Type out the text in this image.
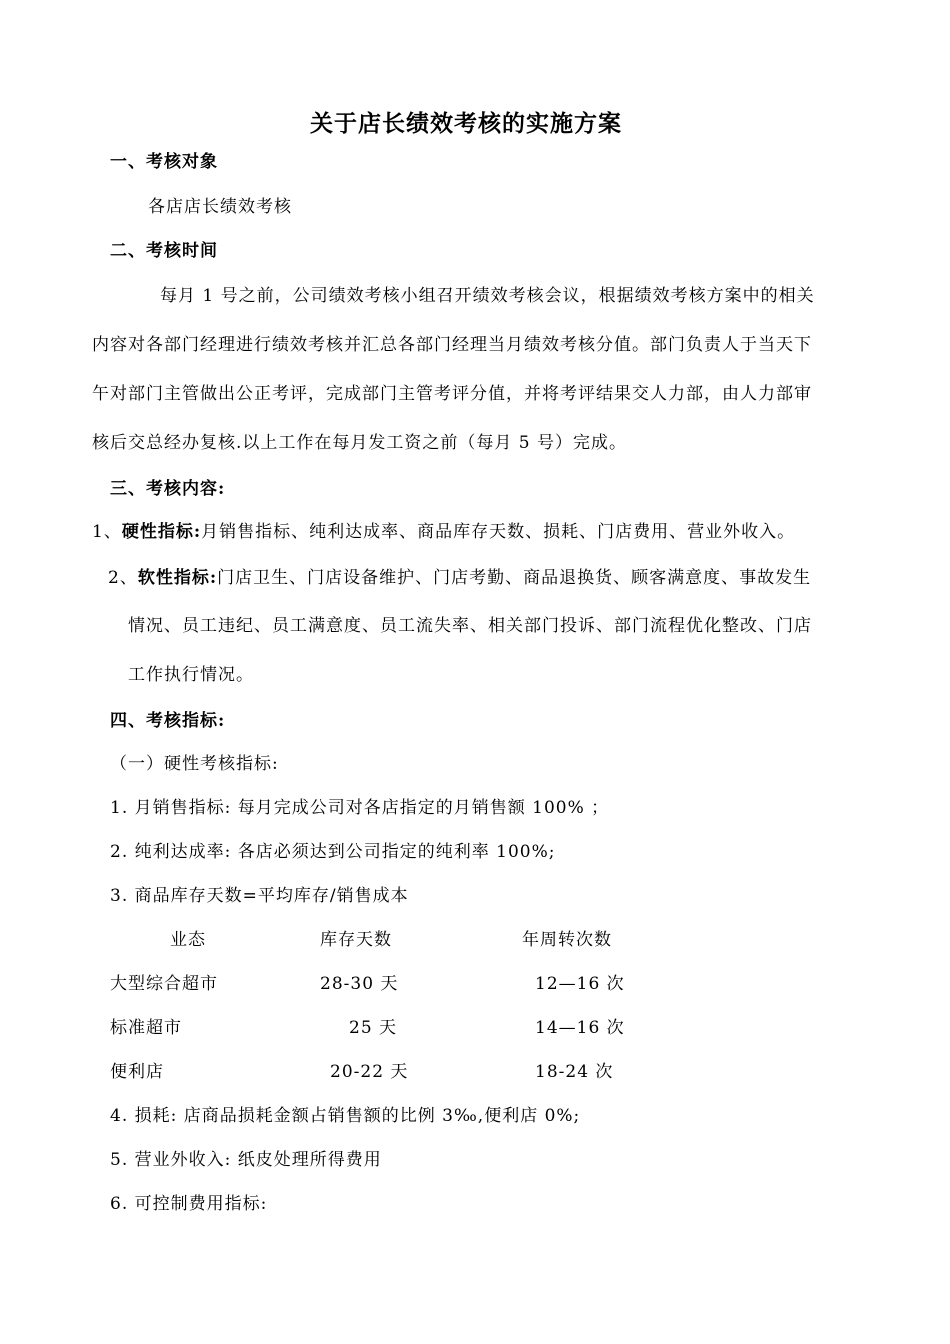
关于店长绩效考核的实施方案
一、考核对象
各店店长绩效考核
二、考核时间
每月 1 号之前，公司绩效考核小组召开绩效考核会议，根据绩效考核方案中的相关
内容对各部门经理进行绩效考核并汇总各部门经理当月绩效考核分值。部门负责人于当天下
午对部门主管做出公正考评，完成部门主管考评分值，并将考评结果交人力部，由人力部审
核后交总经办复核.以上工作在每月发工资之前（每月 5 号）完成。
三、考核内容:
1、硬性指标:月销售指标、纯利达成率、商品库存天数、损耗、门店费用、营业外收入。
2、软性指标:门店卫生、门店设备维护、门店考勤、商品退换货、顾客满意度、事故发生
情况、员工违纪、员工满意度、员工流失率、相关部门投诉、部门流程优化整改、门店
工作执行情况。
四、考核指标:
（一）硬性考核指标:
1. 月销售指标: 每月完成公司对各店指定的月销售额 100% ；
2. 纯利达成率: 各店必须达到公司指定的纯利率 100%;
3. 商品库存天数=平均库存/销售成本
业态	库存天数	年周转次数
大型综合超市	28-30 天	12—16 次
标准超市	25 天	14—16 次
便利店	20-22 天	18-24 次
4. 损耗: 店商品损耗金额占销售额的比例 3‰,便利店 0%;
5. 营业外收入: 纸皮处理所得费用
6. 可控制费用指标:
